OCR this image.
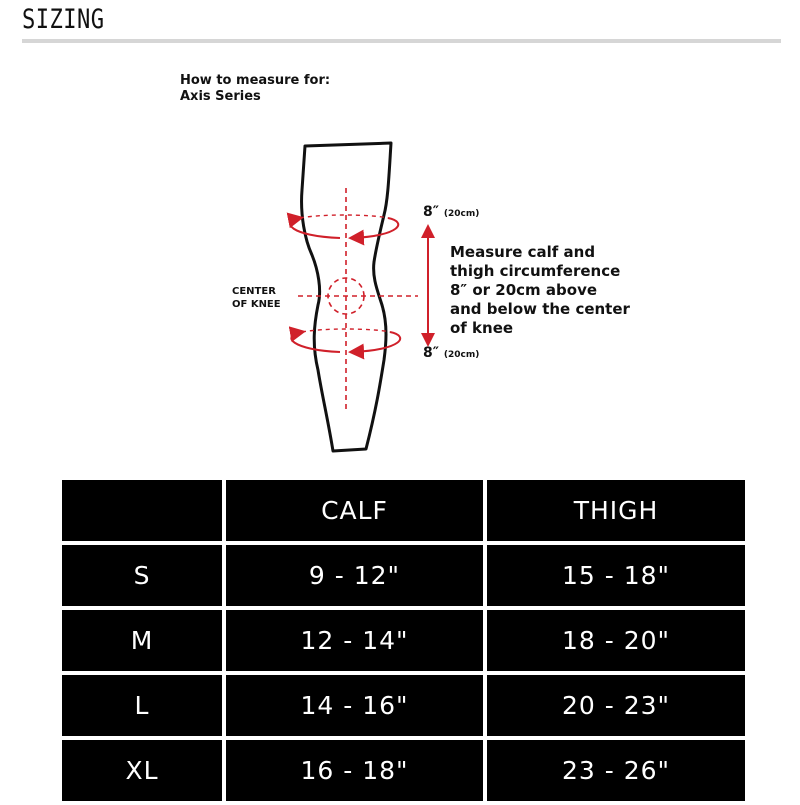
SIZING
How to measure for:
Axis Series
CENTER
OF KNEE
8″ (20cm)
8″ (20cm)
Measure calf and
thigh circumference
8″ or 20cm above
and below the center
of knee
	CALF	THIGH
S	9 - 12"	15 - 18"
M	12 - 14"	18 - 20"
L	14 - 16"	20 - 23"
XL	16 - 18"	23 - 26"
